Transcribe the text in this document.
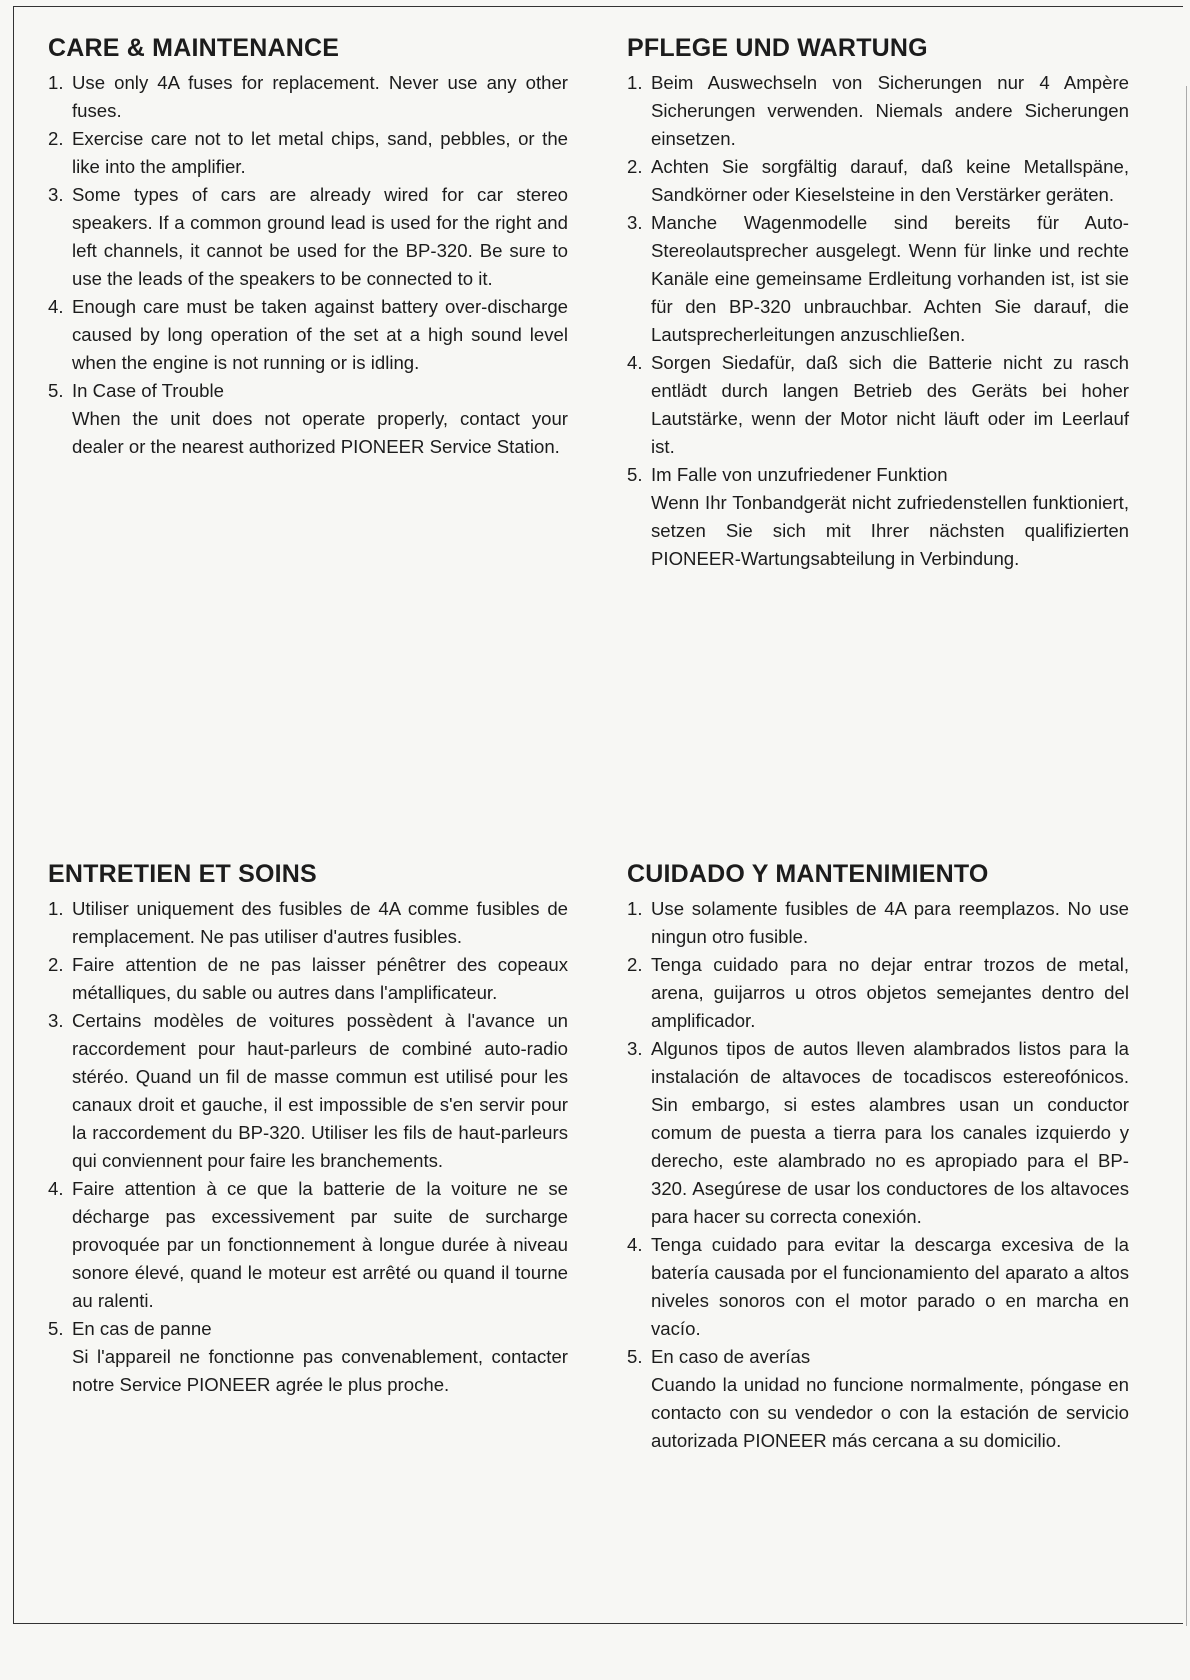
CARE & MAINTENANCE
1. Use only 4A fuses for replacement. Never use any other fuses.
2. Exercise care not to let metal chips, sand, pebbles, or the like into the amplifier.
3. Some types of cars are already wired for car stereo speakers. If a common ground lead is used for the right and left channels, it cannot be used for the BP-320. Be sure to use the leads of the speakers to be connected to it.
4. Enough care must be taken against battery over-discharge caused by long operation of the set at a high sound level when the engine is not running or is idling.
5. In Case of Trouble
When the unit does not operate properly, contact your dealer or the nearest authorized PIONEER Service Station.
PFLEGE UND WARTUNG
1. Beim Auswechseln von Sicherungen nur 4 Ampère Sicherungen verwenden. Niemals andere Sicherungen einsetzen.
2. Achten Sie sorgfältig darauf, daß keine Metallspäne, Sandkörner oder Kieselsteine in den Verstärker geräten.
3. Manche Wagenmodelle sind bereits für Auto-Stereolautsprecher ausgelegt. Wenn für linke und rechte Kanäle eine gemeinsame Erdleitung vorhanden ist, ist sie für den BP-320 unbrauchbar. Achten Sie darauf, die Lautsprecherleitungen anzuschließen.
4. Sorgen Siedafür, daß sich die Batterie nicht zu rasch entlädt durch langen Betrieb des Geräts bei hoher Lautstärke, wenn der Motor nicht läuft oder im Leerlauf ist.
5. Im Falle von unzufriedener Funktion
Wenn Ihr Tonbandgerät nicht zufriedenstellen funktioniert, setzen Sie sich mit Ihrer nächsten qualifizierten PIONEER-Wartungsabteilung in Verbindung.
ENTRETIEN ET SOINS
1. Utiliser uniquement des fusibles de 4A comme fusibles de remplacement. Ne pas utiliser d'autres fusibles.
2. Faire attention de ne pas laisser pénêtrer des copeaux métalliques, du sable ou autres dans l'amplificateur.
3. Certains modèles de voitures possèdent à l'avance un raccordement pour haut-parleurs de combiné auto-radio stéréo. Quand un fil de masse commun est utilisé pour les canaux droit et gauche, il est impossible de s'en servir pour la raccordement du BP-320. Utiliser les fils de haut-parleurs qui conviennent pour faire les branchements.
4. Faire attention à ce que la batterie de la voiture ne se décharge pas excessivement par suite de surcharge provoquée par un fonctionnement à longue durée à niveau sonore élevé, quand le moteur est arrêté ou quand il tourne au ralenti.
5. En cas de panne
Si l'appareil ne fonctionne pas convenablement, contacter notre Service PIONEER agrée le plus proche.
CUIDADO Y MANTENIMIENTO
1. Use solamente fusibles de 4A para reemplazos. No use ningun otro fusible.
2. Tenga cuidado para no dejar entrar trozos de metal, arena, guijarros u otros objetos semejantes dentro del amplificador.
3. Algunos tipos de autos lleven alambrados listos para la instalación de altavoces de tocadiscos estereofónicos. Sin embargo, si estes alambres usan un conductor comum de puesta a tierra para los canales izquierdo y derecho, este alambrado no es apropiado para el BP-320. Asegúrese de usar los conductores de los altavoces para hacer su correcta conexión.
4. Tenga cuidado para evitar la descarga excesiva de la batería causada por el funcionamiento del aparato a altos niveles sonoros con el motor parado o en marcha en vacío.
5. En caso de averías
Cuando la unidad no funcione normalmente, póngase en contacto con su vendedor o con la estación de servicio autorizada PIONEER más cercana a su domicilio.
